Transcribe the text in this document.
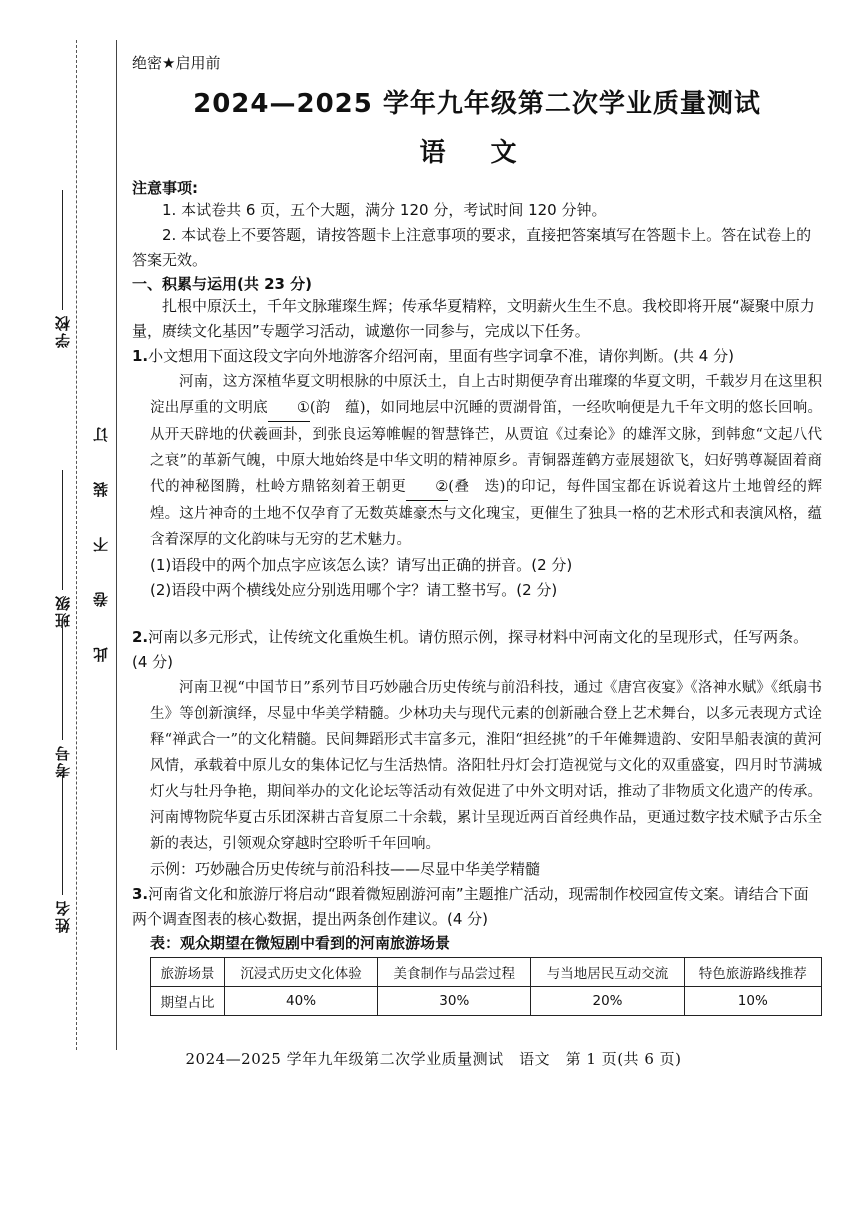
学校
班级
考号
姓名
订
装
不
卷
此
绝密★启用前
2024—2025 学年九年级第二次学业质量测试
语 文
注意事项:
1. 本试卷共 6 页，五个大题，满分 120 分，考试时间 120 分钟。
2. 本试卷上不要答题，请按答题卡上注意事项的要求，直接把答案填写在答题卡上。答在试卷上的答案无效。
一、积累与运用(共 23 分)
扎根中原沃土，千年文脉璀璨生辉；传承华夏精粹，文明薪火生生不息。我校即将开展“凝聚中原力量，赓续文化基因”专题学习活动，诚邀你一同参与，完成以下任务。
1.小文想用下面这段文字向外地游客介绍河南，里面有些字词拿不准，请你判断。(共 4 分)
河南，这方深植华夏文明根脉的中原沃土，自上古时期便孕育出璀璨的华夏文明，千载岁月在这里积淀出厚重的文明底 ①(韵　蕴)，如同地层中沉睡的贾湖骨笛，一经吹响便是九千年文明的悠长回响。从开天辟地的伏羲画卦，到张良运筹帷幄的智慧锋芒，从贾谊《过秦论》的雄浑文脉，到韩愈“文起八代之衰”的革新气魄，中原大地始终是中华文明的精神原乡。青铜器莲鹤方壶展翅欲飞，妇好鸮尊凝固着商代的神秘图腾，杜岭方鼎铭刻着王朝更 ②(叠　迭)的印记，每件国宝都在诉说着这片土地曾经的辉煌。这片神奇的土地不仅孕育了无数英雄豪杰与文化瑰宝，更催生了独具一格的艺术形式和表演风格，蕴含着深厚的文化韵味与无穷的艺术魅力。
(1)语段中的两个加点字应该怎么读？请写出正确的拼音。(2 分)
(2)语段中两个横线处应分别选用哪个字？请工整书写。(2 分)
2.河南以多元形式，让传统文化重焕生机。请仿照示例，探寻材料中河南文化的呈现形式，任写两条。(4 分)
河南卫视“中国节日”系列节目巧妙融合历史传统与前沿科技，通过《唐宫夜宴》《洛神水赋》《纸扇书生》等创新演绎，尽显中华美学精髓。少林功夫与现代元素的创新融合登上艺术舞台，以多元表现方式诠释“禅武合一”的文化精髓。民间舞蹈形式丰富多元，淮阳“担经挑”的千年傩舞遗韵、安阳旱船表演的黄河风情，承载着中原儿女的集体记忆与生活热情。洛阳牡丹灯会打造视觉与文化的双重盛宴，四月时节满城灯火与牡丹争艳，期间举办的文化论坛等活动有效促进了中外文明对话，推动了非物质文化遗产的传承。河南博物院华夏古乐团深耕古音复原二十余载，累计呈现近两百首经典作品，更通过数字技术赋予古乐全新的表达，引领观众穿越时空聆听千年回响。
示例：巧妙融合历史传统与前沿科技——尽显中华美学精髓
3.河南省文化和旅游厅将启动“跟着微短剧游河南”主题推广活动，现需制作校园宣传文案。请结合下面两个调查图表的核心数据，提出两条创作建议。(4 分)
表：观众期望在微短剧中看到的河南旅游场景
旅游场景	沉浸式历史文化体验	美食制作与品尝过程	与当地居民互动交流	特色旅游路线推荐
期望占比	40%	30%	20%	10%
2024—2025 学年九年级第二次学业质量测试　语文　第 1 页(共 6 页)
